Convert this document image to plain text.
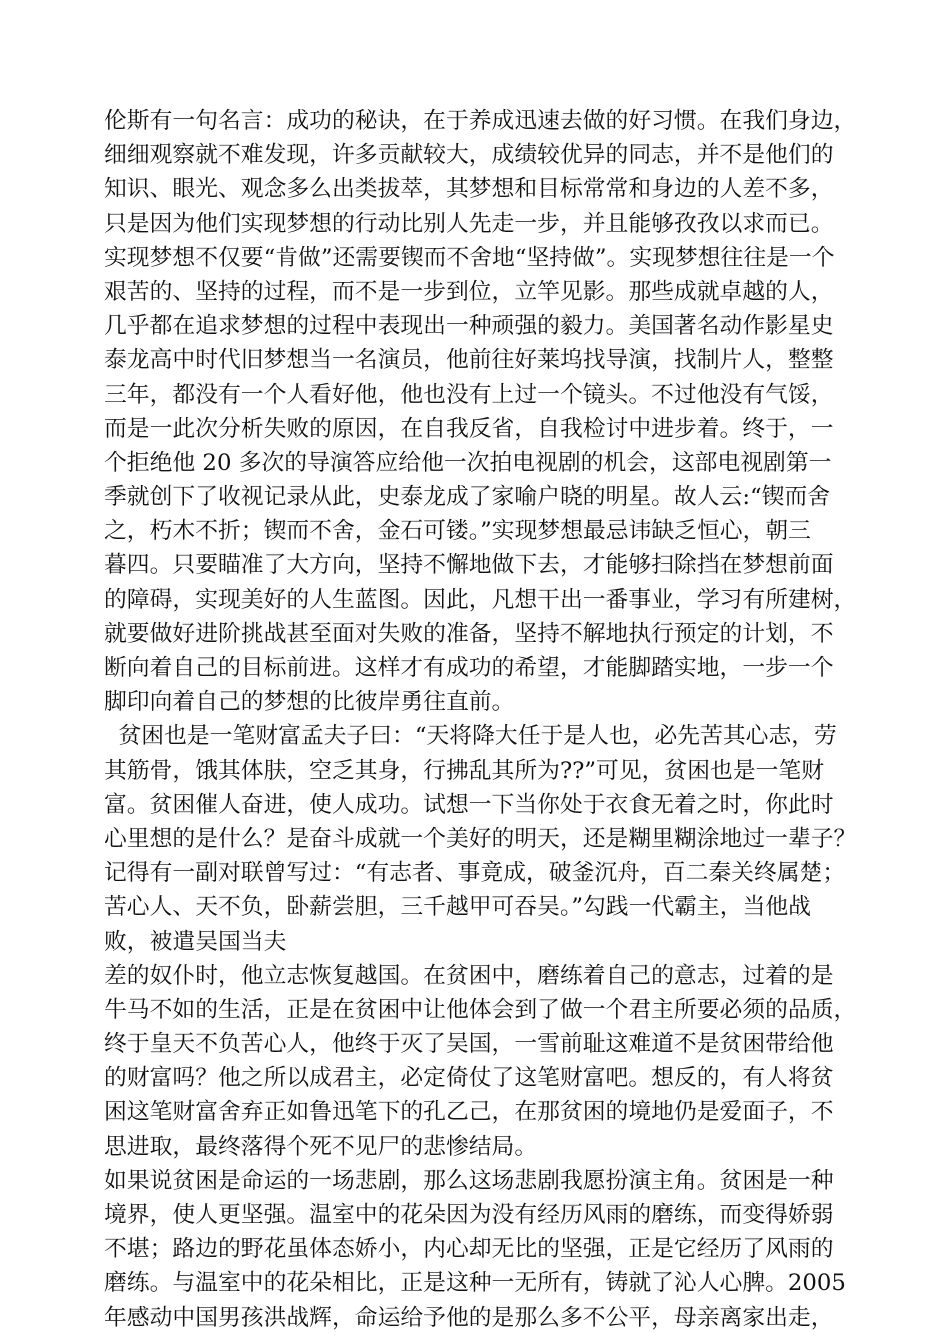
伦斯有一句名言：成功的秘诀，在于养成迅速去做的好习惯。在我们身边，
细细观察就不难发现，许多贡献较大，成绩较优异的同志，并不是他们的
知识、眼光、观念多么出类拔萃，其梦想和目标常常和身边的人差不多，
只是因为他们实现梦想的行动比别人先走一步，并且能够孜孜以求而已。
实现梦想不仅要“肯做”还需要锲而不舍地“坚持做”。实现梦想往往是一个
艰苦的、坚持的过程，而不是一步到位，立竿见影。那些成就卓越的人，
几乎都在追求梦想的过程中表现出一种顽强的毅力。美国著名动作影星史
泰龙高中时代旧梦想当一名演员，他前往好莱坞找导演，找制片人，整整
三年，都没有一个人看好他，他也没有上过一个镜头。不过他没有气馁，
而是一此次分析失败的原因，在自我反省，自我检讨中进步着。终于，一
个拒绝他 20 多次的导演答应给他一次拍电视剧的机会，这部电视剧第一
季就创下了收视记录从此，史泰龙成了家喻户晓的明星。故人云:“锲而舍
之，朽木不折；锲而不舍，金石可镂。”实现梦想最忌讳缺乏恒心，朝三
暮四。只要瞄准了大方向，坚持不懈地做下去，才能够扫除挡在梦想前面
的障碍，实现美好的人生蓝图。因此，凡想干出一番事业，学习有所建树，
就要做好进阶挑战甚至面对失败的准备，坚持不解地执行预定的计划，不
断向着自己的目标前进。这样才有成功的希望，才能脚踏实地，一步一个
脚印向着自己的梦想的比彼岸勇往直前。
贫困也是一笔财富孟夫子曰：“天将降大任于是人也，必先苦其心志，劳
其筋骨，饿其体肤，空乏其身，行拂乱其所为??”可见，贫困也是一笔财
富。贫困催人奋进，使人成功。试想一下当你处于衣食无着之时，你此时
心里想的是什么？是奋斗成就一个美好的明天，还是糊里糊涂地过一辈子？
记得有一副对联曾写过：“有志者、事竟成，破釜沉舟，百二秦关终属楚；
苦心人、天不负，卧薪尝胆，三千越甲可吞吴。”勾践一代霸主，当他战
败，被遣吴国当夫
差的奴仆时，他立志恢复越国。在贫困中，磨练着自己的意志，过着的是
牛马不如的生活，正是在贫困中让他体会到了做一个君主所要必须的品质，
终于皇天不负苦心人，他终于灭了吴国，一雪前耻这难道不是贫困带给他
的财富吗？他之所以成君主，必定倚仗了这笔财富吧。想反的，有人将贫
困这笔财富舍弃正如鲁迅笔下的孔乙己，在那贫困的境地仍是爱面子，不
思进取，最终落得个死不见尸的悲惨结局。
如果说贫困是命运的一场悲剧，那么这场悲剧我愿扮演主角。贫困是一种
境界，使人更坚强。温室中的花朵因为没有经历风雨的磨练，而变得娇弱
不堪；路边的野花虽体态娇小，内心却无比的坚强，正是它经历了风雨的
磨练。与温室中的花朵相比，正是这种一无所有，铸就了沁人心脾。2005
年感动中国男孩洪战辉，命运给予他的是那么多不公平，母亲离家出走，
